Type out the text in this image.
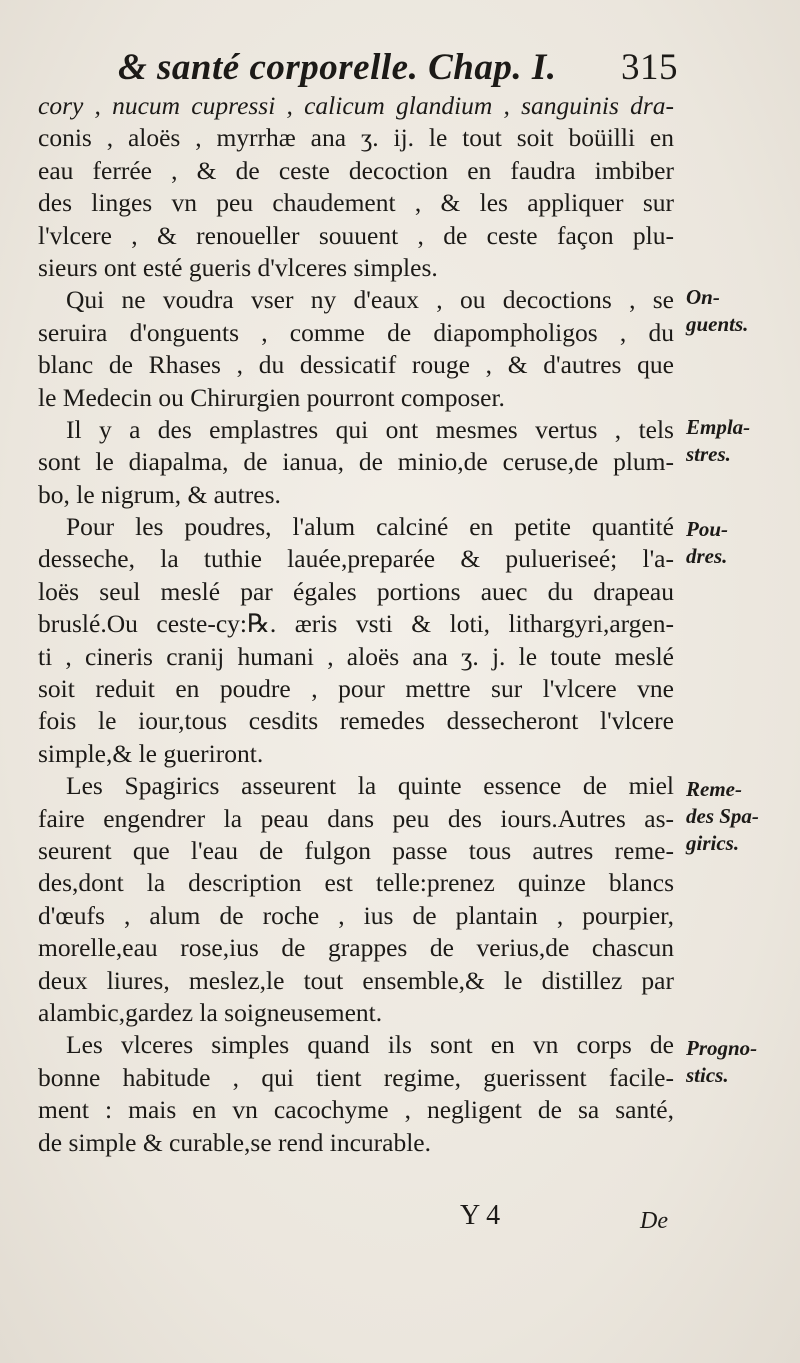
& santé corporelle. Chap. I. 315
cory , nucum cupressi , calicum glandium , sanguinis dra-
conis , aloës , myrrhæ ana ʒ. ij. le tout soit boüilli en
eau ferrée , & de ceste decoction en faudra imbiber
des linges vn peu chaudement , & les appliquer sur
l'vlcere , & renoueller souuent , de ceste façon plu-
sieurs ont esté gueris d'vlceres simples.
Qui ne voudra vser ny d'eaux , ou decoctions , se
seruira d'onguents , comme de diapompholigos , du
blanc de Rhases , du dessicatif rouge , & d'autres que
le Medecin ou Chirurgien pourront composer.
Il y a des emplastres qui ont mesmes vertus , tels
sont le diapalma, de ianua, de minio,de ceruse,de plum-
bo, le nigrum, & autres.
Pour les poudres, l'alum calciné en petite quantité
desseche, la tuthie lauée,preparée & pulueriseé; l'a-
loës seul meslé par égales portions auec du drapeau
bruslé.Ou ceste-cy:℞. æris vsti & loti, lithargyri,argen-
ti , cineris cranij humani , aloës ana ʒ. j. le toute meslé
soit reduit en poudre , pour mettre sur l'vlcere vne
fois le iour,tous cesdits remedes dessecheront l'vlcere
simple,& le gueriront.
Les Spagirics asseurent la quinte essence de miel
faire engendrer la peau dans peu des iours.Autres as-
seurent que l'eau de fulgon passe tous autres reme-
des,dont la description est telle:prenez quinze blancs
d'œufs , alum de roche , ius de plantain , pourpier,
morelle,eau rose,ius de grappes de verius,de chascun
deux liures, meslez,le tout ensemble,& le distillez par
alambic,gardez la soigneusement.
Les vlceres simples quand ils sont en vn corps de
bonne habitude , qui tient regime, guerissent facile-
ment : mais en vn cacochyme , negligent de sa santé,
de simple & curable,se rend incurable.
On-
guents.
Empla-
stres.
Pou-
dres.
Reme-
des Spa-
girics.
Progno-
stics.
Y 4	De
